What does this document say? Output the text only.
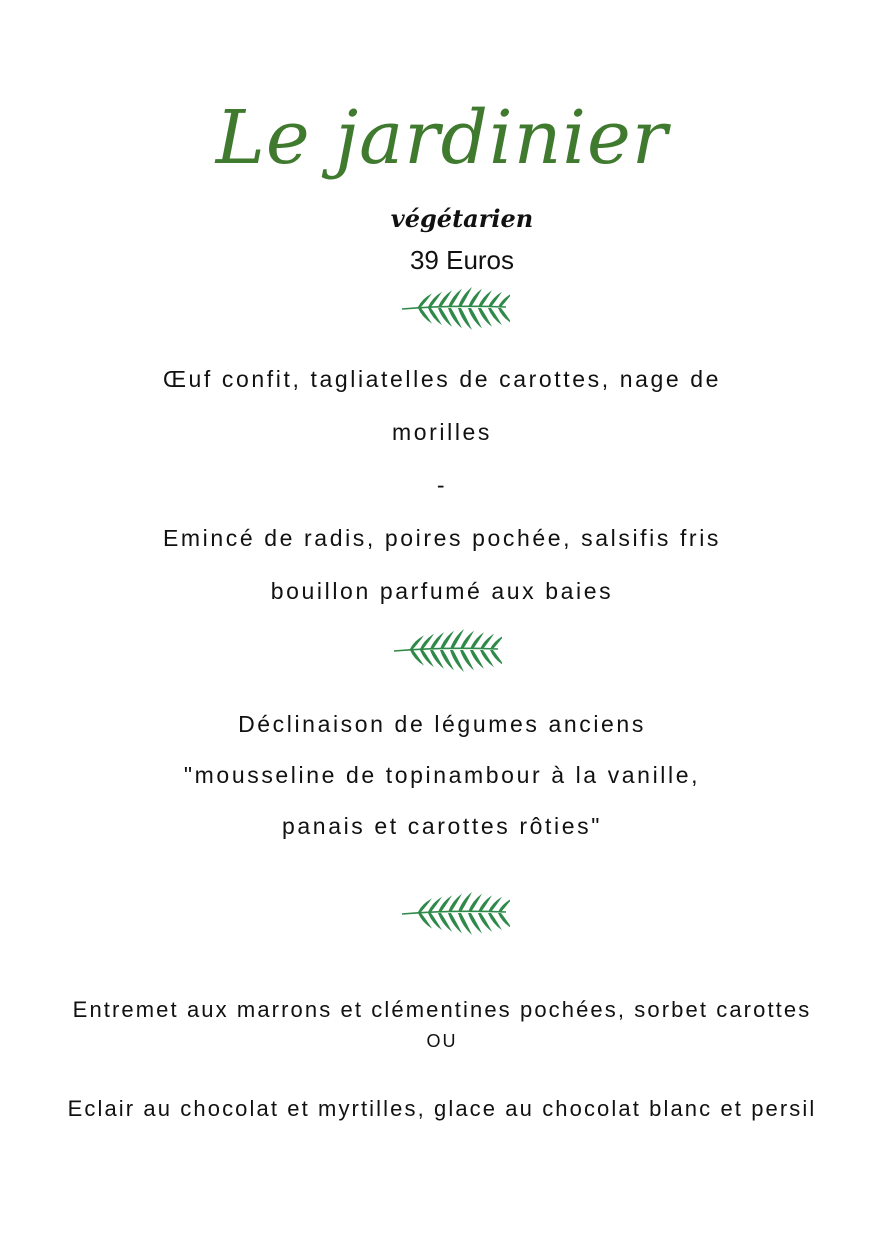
Le jardinier
végétarien
39 Euros
Œuf confit, tagliatelles de carottes, nage de
morilles
-
Emincé de radis, poires pochée, salsifis fris
bouillon parfumé aux baies
Déclinaison de légumes anciens
"mousseline de topinambour à la vanille,
panais et carottes rôties"
Entremet aux marrons et clémentines pochées, sorbet carottes
OU
Eclair au chocolat et myrtilles, glace au chocolat blanc et persil
